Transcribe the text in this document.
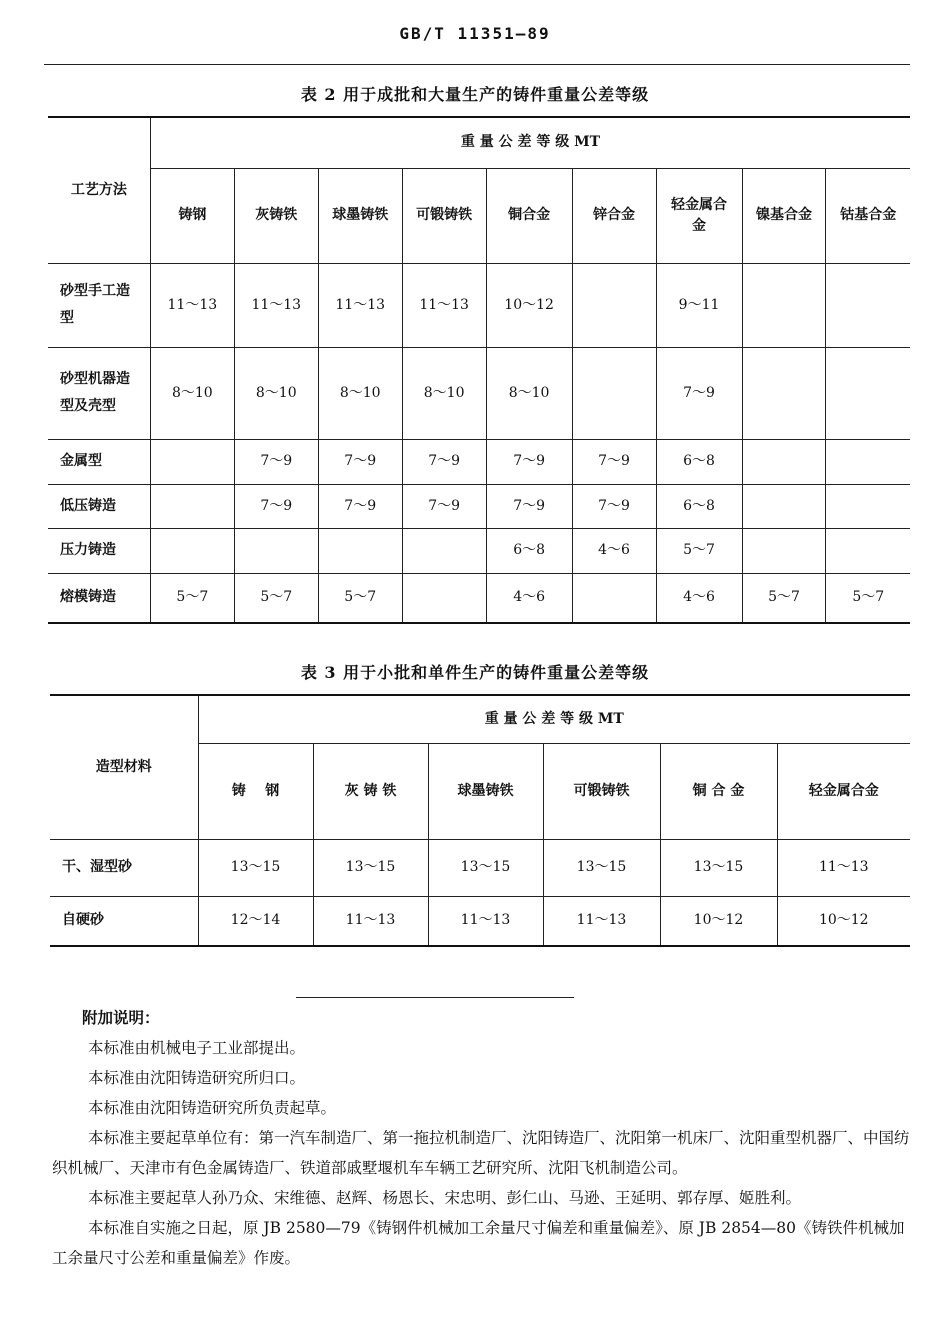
GB/T 11351—89
表 2 用于成批和大量生产的铸件重量公差等级
工艺方法	重 量 公 差 等 级 MT								
	铸钢	灰铸铁	球墨铸铁	可锻铸铁	铜合金	锌合金	轻金属合金	镍基合金	钴基合金
砂型手工造型	11～13	11～13	11～13	11～13	10～12		9～11		
砂型机器造型及壳型	8～10	8～10	8～10	8～10	8～10		7～9		
金属型		7～9	7～9	7～9	7～9	7～9	6～8		
低压铸造		7～9	7～9	7～9	7～9	7～9	6～8		
压力铸造					6～8	4～6	5～7		
熔模铸造	5～7	5～7	5～7		4～6		4～6	5～7	5～7
表 3 用于小批和单件生产的铸件重量公差等级
造型材料	重 量 公 差 等 级 MT					
	铸    钢	灰 铸 铁	球墨铸铁	可锻铸铁	铜 合 金	轻金属合金
干、湿型砂	13～15	13～15	13～15	13～15	13～15	11～13
自硬砂	12～14	11～13	11～13	11～13	10～12	10～12

附加说明：

本标准由机械电子工业部提出。

本标准由沈阳铸造研究所归口。

本标准由沈阳铸造研究所负责起草。

本标准主要起草单位有：第一汽车制造厂、第一拖拉机制造厂、沈阳铸造厂、沈阳第一机床厂、沈阳重型机器厂、中国纺织机械厂、天津市有色金属铸造厂、铁道部戚墅堰机车车辆工艺研究所、沈阳飞机制造公司。

本标准主要起草人孙乃众、宋维德、赵辉、杨恩长、宋忠明、彭仁山、马逊、王延明、郭存厚、姬胜利。

本标准自实施之日起，原 JB 2580—79《铸钢件机械加工余量尺寸偏差和重量偏差》、原 JB 2854—80《铸铁件机械加工余量尺寸公差和重量偏差》作废。
